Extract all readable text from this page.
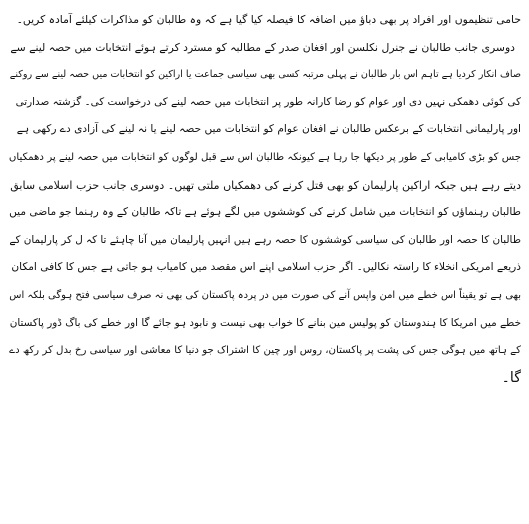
حامی تنظیموں اور افراد پر بھی دباؤ میں اضافہ کا فیصلہ کیا گیا ہے کہ وہ طالبان کو مذاکرات کیلئے آمادہ کریں۔
دوسری جانب طالبان نے جنرل نکلسن اور افغان صدر کے مطالبہ کو مسترد کرتے ہوئے انتخابات میں حصہ لینے سے
صاف انکار کردیا ہے تاہم اس بار طالبان نے پہلی مرتبہ کسی بھی سیاسی جماعت یا اراکین کو انتخابات میں حصہ لینے سے روکنے
کی کوئی دھمکی نہیں دی اور عوام کو رضا کارانہ طور پر انتخابات میں حصہ لینے کی درخواست کی۔ گزشتہ صدارتی
اور پارلیمانی انتخابات کے برعکس طالبان نے افغان عوام کو انتخابات میں حصہ لینے یا نہ لینے کی آزادی دے رکھی ہے
جس کو بڑی کامیابی کے طور پر دیکھا جا رہا ہے کیونکہ طالبان اس سے قبل لوگوں کو انتخابات میں حصہ لینے پر دھمکیاں
دیتے رہے ہیں جبکہ اراکین پارلیمان کو بھی قتل کرنے کی دھمکیاں ملتی تھیں۔ دوسری جانب حزب اسلامی سابق
طالبان رہنماؤں کو انتخابات میں شامل کرنے کی کوششوں میں لگے ہوئے ہے تاکہ طالبان کے وہ رہنما جو ماضی میں
طالبان کا حصہ اور طالبان کی سیاسی کوششوں کا حصہ رہے ہیں انہیں پارلیمان میں آنا چاہئے تا کہ ل کر پارلیمان کے
ذریعے امریکی انخلاء کا راستہ نکالیں۔ اگر حزب اسلامی اپنے اس مقصد میں کامیاب ہو جاتی ہے جس کا کافی امکان
بھی ہے تو یقیناً اس خطے میں امن واپس آنے کی صورت میں در پردہ پاکستان کی بھی نہ صرف سیاسی فتح ہوگی بلکہ اس
خطے میں امریکا کا ہندوستان کو پولیس مین بنانے کا خواب بھی نیست و نابود ہو جائے گا اور خطے کی باگ ڈور پاکستان
کے ہاتھ میں ہوگی جس کی پشت پر پاکستان، روس اور چین کا اشتراک جو دنیا کا معاشی اور سیاسی رخ بدل کر رکھ دے
گا۔
